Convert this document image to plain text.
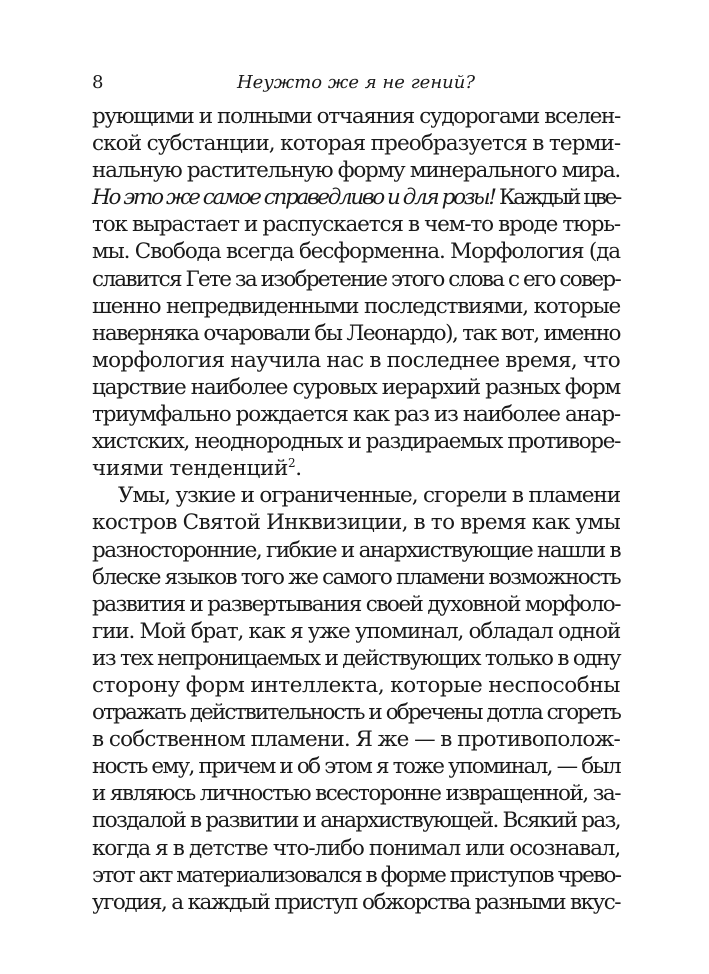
8	Неужто же я не гений?
рующими и полными отчаяния судорогами вселен-
ской субстанции, которая преобразуется в терми-
нальную растительную форму минерального мира.
Но это же самое справедливо и для розы! Каждый цве-
ток вырастает и распускается в чем-то вроде тюрь-
мы. Свобода всегда бесформенна. Морфология (да
славится Гете за изобретение этого слова с его совер-
шенно непредвиденными последствиями, которые
наверняка очаровали бы Леонардо), так вот, именно
морфология научила нас в последнее время, что
царствие наиболее суровых иерархий разных форм
триумфально рождается как раз из наиболее анар-
хистских, неоднородных и раздираемых противоре-
чиями тенденций$^2$.
Умы, узкие и ограниченные, сгорели в пламени
костров Святой Инквизиции, в то время как умы
разносторонние, гибкие и анархиствующие нашли в
блеске языков того же самого пламени возможность
развития и развертывания своей духовной морфоло-
гии. Мой брат, как я уже упоминал, обладал одной
из тех непроницаемых и действующих только в одну
сторону форм интеллекта, которые неспособны
отражать действительность и обречены дотла сгореть
в собственном пламени. Я же — в противополож-
ность ему, причем и об этом я тоже упоминал, — был
и являюсь личностью всесторонне извращенной, за-
поздалой в развитии и анархиствующей. Всякий раз,
когда я в детстве что-либо понимал или осознавал,
этот акт материализовался в форме приступов чрево-
угодия, а каждый приступ обжорства разными вкус-
